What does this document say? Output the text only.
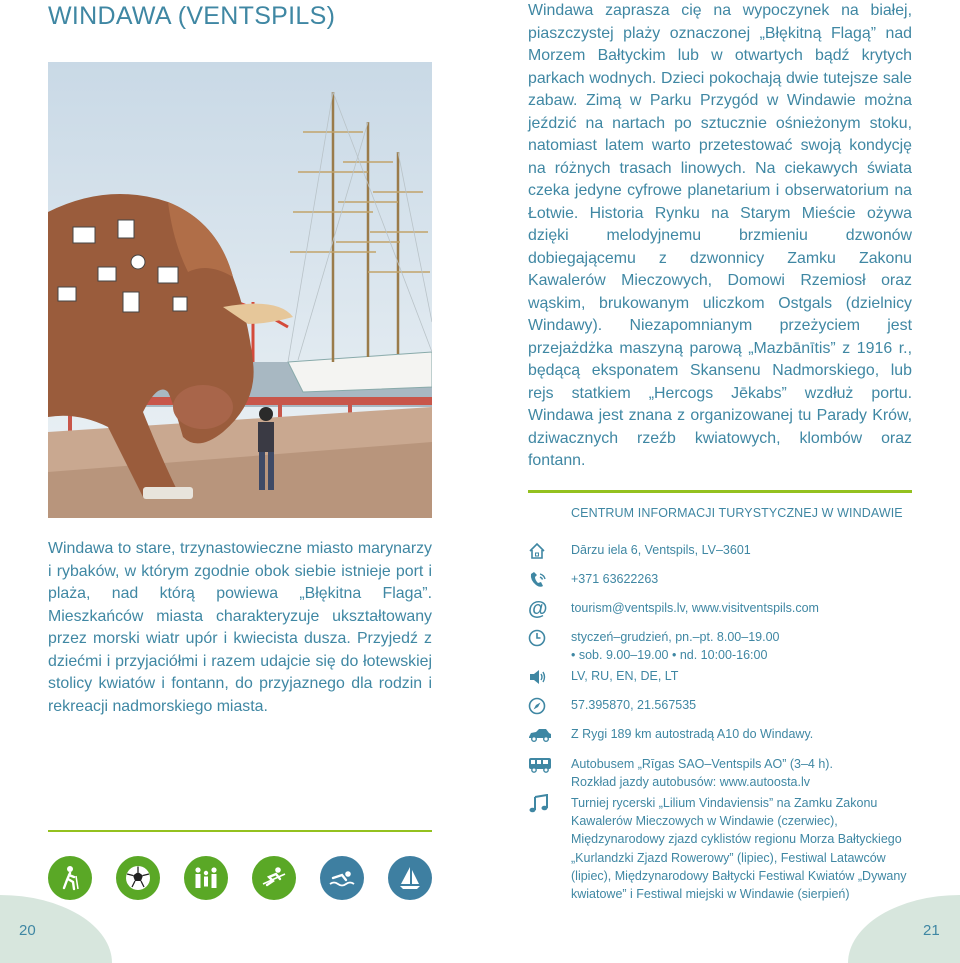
WINDAWA (VENTSPILS)	Windawa zaprasza cię na wypoczynek na białej, piaszczystej plaży oznaczonej „Błękitną Flagą” nad Morzem Bałtyckim lub w otwartych bądź krytych parkach wodnych. Dzieci pokochają dwie tutejsze sale zabaw. Zimą w Parku Przygód w Windawie można jeździć na nartach po sztucznie ośnieżonym stoku, natomiast latem warto przetestować swoją kondycję na różnych trasach linowych. Na ciekawych świata czeka jedyne cyfrowe planetarium i obserwatorium na Łotwie. Historia Rynku na Starym Mieście ożywa dzięki melodyjnemu brzmieniu dzwonów dobiegającemu z dzwonnicy Zamku Zakonu Kawalerów Mieczowych, Domowi Rzemiosł oraz wąskim, brukowanym uliczkom Ostgals (dzielnicy Windawy). Niezapomnianym przeżyciem jest przejażdżka maszyną parową „Mazbānītis” z 1916 r., będącą eksponatem Skansenu Nadmorskiego, lub rejs statkiem „Hercogs Jēkabs” wzdłuż portu. Windawa jest znana z organizowanej tu Parady Krów, dziwacznych rzeźb kwiatowych, klombów oraz fontann.

Windawa to stare, trzynastowieczne miasto marynarzy i rybaków, w którym zgodnie obok siebie istnieje port i plaża, nad którą powiewa „Błękitna Flaga”. Mieszkańców miasta charakteryzuje ukształtowany przez morski wiatr upór i kwiecista dusza. Przyjedź z dziećmi i przyjaciółmi i razem udajcie się do łotewskiej stolicy kwiatów i fontann, do przyjaznego dla rodzin i rekreacji nadmorskiego miasta.

CENTRUM INFORMACJI TURYSTYCZNEJ W WINDAWIE
Dārzu iela 6, Ventspils, LV–3601
+371 63622263
@ tourism@ventspils.lv, www.visitventspils.com
styczeń–grudzień, pn.–pt. 8.00–19.00
• sob. 9.00–19.00 • nd. 10:00-16:00
LV, RU, EN, DE, LT
57.395870, 21.567535
Z Rygi 189 km autostradą A10 do Windawy.
Autobusem „Rīgas SAO–Ventspils AO” (3–4 h).
Rozkład jazdy autobusów: www.autoosta.lv
Turniej rycerski „Lilium Vindaviensis” na Zamku Zakonu Kawalerów Mieczowych w Windawie (czerwiec), Międzynarodowy zjazd cyklistów regionu Morza Bałtyckiego „Kurlandzki Zjazd Rowerowy” (lipiec), Festiwal Latawców (lipiec), Międzynarodowy Bałtycki Festiwal Kwiatów „Dywany kwiatowe” i Festiwal miejski w Windawie (sierpień)
20	21
